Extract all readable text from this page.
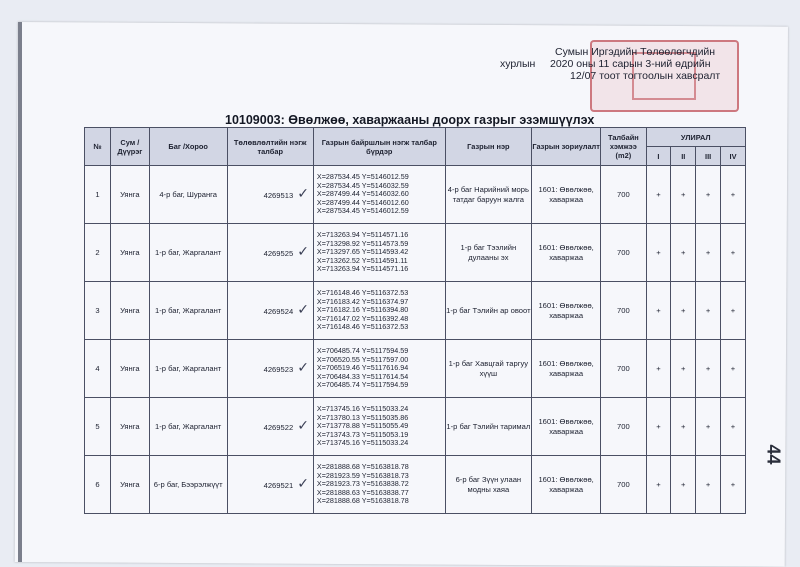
Сумын Иргэдийн Төлөөлөгчдийн
хурлын 2020 оны 11 сарын 3-ний өдрийн
12/07 тоот тогтоолын хавсралт
10109003: Өвөлжөө, хаваржааны доорх газрыг эзэмшүүлэх
№	Сум /Дүүрэг	Баг /Хороо	Төлөвлөлтийн нэгж талбар	Газрын байршлын нэгж талбар бүрдэр	Газрын нэр	Газрын зориулалт	Талбайн хэмжээ (m2)	УЛИРАЛ			
								I	II	III	IV
1	Уянга	4-р баг, Шуранга	4269513 ✓	X=287534.45 Y=5146012.59
X=287534.45 Y=5146032.59
X=287499.44 Y=5146032.60
X=287499.44 Y=5146012.60
X=287534.45 Y=5146012.59	4-р баг Нарийний морь татдаг баруун жалга	1601: Өвөлжөө, хаваржаа	700	+	+	+	+
2	Уянга	1-р баг, Жаргалант	4269525 ✓	X=713263.94 Y=5114571.16
X=713298.92 Y=5114573.59
X=713297.65 Y=5114593.42
X=713262.52 Y=5114591.11
X=713263.94 Y=5114571.16	1-р баг Тээлийн дулааны эх	1601: Өвөлжөө, хаваржаа	700	+	+	+	+
3	Уянга	1-р баг, Жаргалант	4269524 ✓	X=716148.46 Y=5116372.53
X=716183.42 Y=5116374.97
X=716182.16 Y=5116394.80
X=716147.02 Y=5116392.48
X=716148.46 Y=5116372.53	1-р баг Тэлийн ар овоот	1601: Өвөлжөө, хаваржаа	700	+	+	+	+
4	Уянга	1-р баг, Жаргалант	4269523 ✓	X=706485.74 Y=5117594.59
X=706520.55 Y=5117597.00
X=706519.46 Y=5117616.94
X=706484.33 Y=5117614.54
X=706485.74 Y=5117594.59	1-р баг Хавцгай таргуу хүүш	1601: Өвөлжөө, хаваржаа	700	+	+	+	+
5	Уянга	1-р баг, Жаргалант	4269522 ✓	X=713745.16 Y=5115033.24
X=713780.13 Y=5115035.86
X=713778.88 Y=5115055.49
X=713743.73 Y=5115053.19
X=713745.16 Y=5115033.24	1-р баг Тэлийн таримал	1601: Өвөлжөө, хаваржаа	700	+	+	+	+
6	Уянга	6-р баг, Бээрэлжүүт	4269521 ✓	X=281888.68 Y=5163818.78
X=281923.59 Y=5163818.73
X=281923.73 Y=5163838.72
X=281888.63 Y=5163838.77
X=281888.68 Y=5163818.78	6-р баг Зүүн улаан модны хаяа	1601: Өвөлжөө, хаваржаа	700	+	+	+	+
44
